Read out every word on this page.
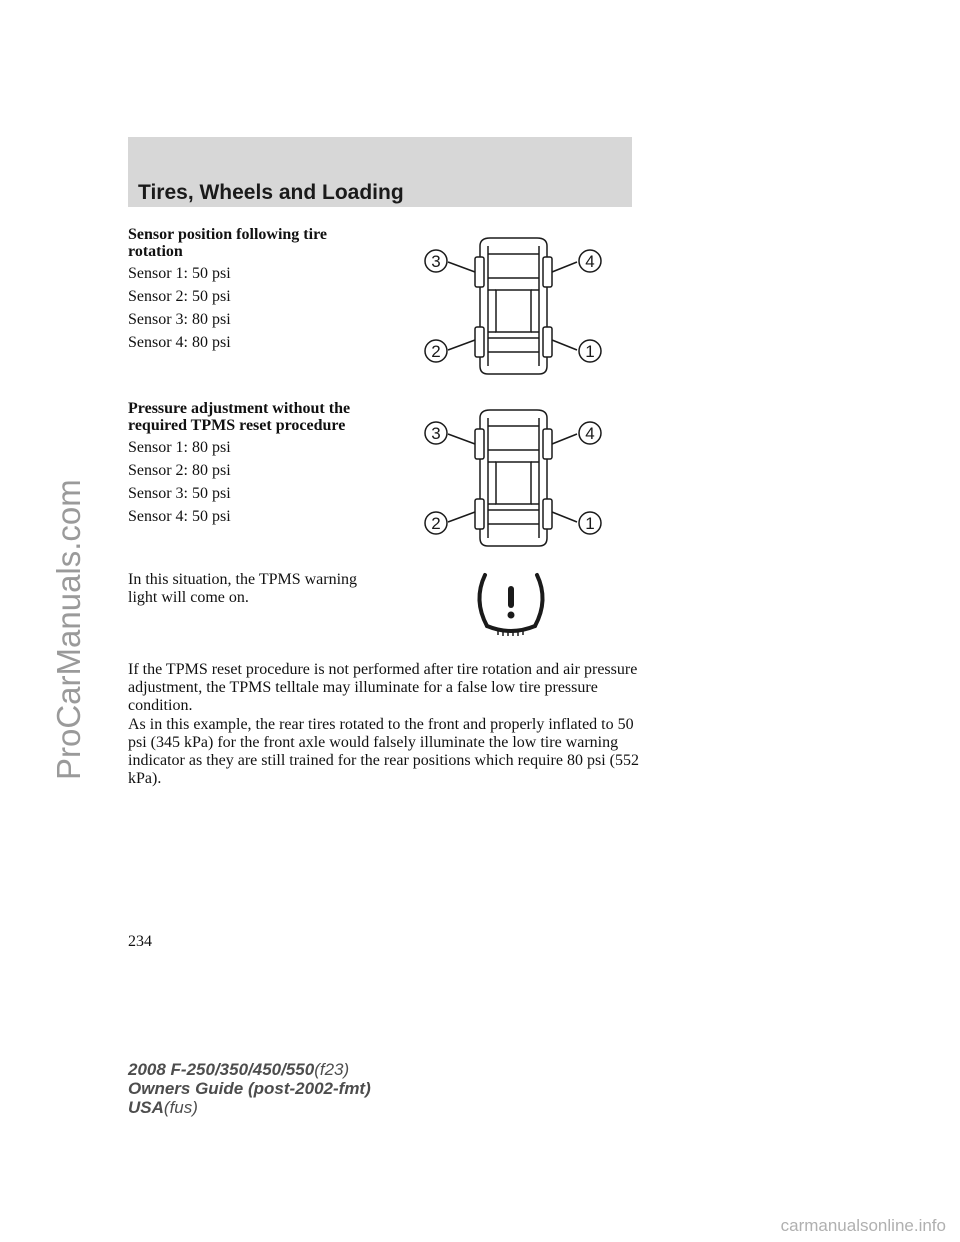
Tires, Wheels and Loading
Sensor position following tire
rotation
Sensor 1: 50 psi
Sensor 2: 50 psi
Sensor 3: 80 psi
Sensor 4: 80 psi
Pressure adjustment without the
required TPMS reset procedure
Sensor 1: 80 psi
Sensor 2: 80 psi
Sensor 3: 50 psi
Sensor 4: 50 psi
3	4
2	1
3	4
2	1
In this situation, the TPMS warning
light will come on.
If the TPMS reset procedure is not performed after tire rotation and air pressure adjustment, the TPMS telltale may illuminate for a false low tire pressure condition.
As in this example, the rear tires rotated to the front and properly inflated to 50 psi (345 kPa) for the front axle would falsely illuminate the low tire warning indicator as they are still trained for the rear positions which require 80 psi (552 kPa).
234
2008 F-250/350/450/550(f23)
Owners Guide (post-2002-fmt)
USA(fus)
ProCarManuals.com
carmanualsonline.info
